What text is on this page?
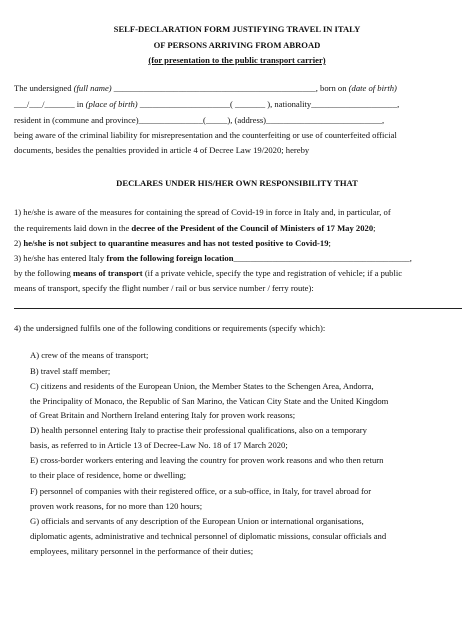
SELF-DECLARATION FORM JUSTIFYING TRAVEL IN ITALY
OF PERSONS ARRIVING FROM ABROAD
(for presentation to the public transport carrier)
The undersigned (full name) _______________________________________________, born on (date of birth)
___/___/_______ in (place of birth) _____________________( _______ ), nationality____________________,
resident in (commune and province)_______________(_____), (address)___________________________,
being aware of the criminal liability for misrepresentation and the counterfeiting or use of counterfeited official
documents, besides the penalties provided in article 4 of Decree Law 19/2020; hereby
DECLARES UNDER HIS/HER OWN RESPONSIBILITY THAT
1) he/she is aware of the measures for containing the spread of Covid-19 in force in Italy and, in particular, of
the requirements laid down in the decree of the President of the Council of Ministers of 17 May 2020;
2) he/she is not subject to quarantine measures and has not tested positive to Covid-19;
3) he/she has entered Italy from the following foreign location_________________________________________,
by the following means of transport (if a private vehicle, specify the type and registration of vehicle; if a public
means of transport, specify the flight number / rail or bus service number / ferry route):
4) the undersigned fulfils one of the following conditions or requirements (specify which):
A) crew of the means of transport;
B) travel staff member;
C) citizens and residents of the European Union, the Member States to the Schengen Area, Andorra,
the Principality of Monaco, the Republic of San Marino, the Vatican City State and the United Kingdom
of Great Britain and Northern Ireland entering Italy for proven work reasons;
D) health personnel entering Italy to practise their professional qualifications, also on a temporary
basis, as referred to in Article 13 of Decree-Law No. 18 of 17 March 2020;
E) cross-border workers entering and leaving the country for proven work reasons and who then return
to their place of residence, home or dwelling;
F) personnel of companies with their registered office, or a sub-office, in Italy, for travel abroad for
proven work reasons, for no more than 120 hours;
G) officials and servants of any description of the European Union or international organisations,
diplomatic agents, administrative and technical personnel of diplomatic missions, consular officials and
employees, military personnel in the performance of their duties;
